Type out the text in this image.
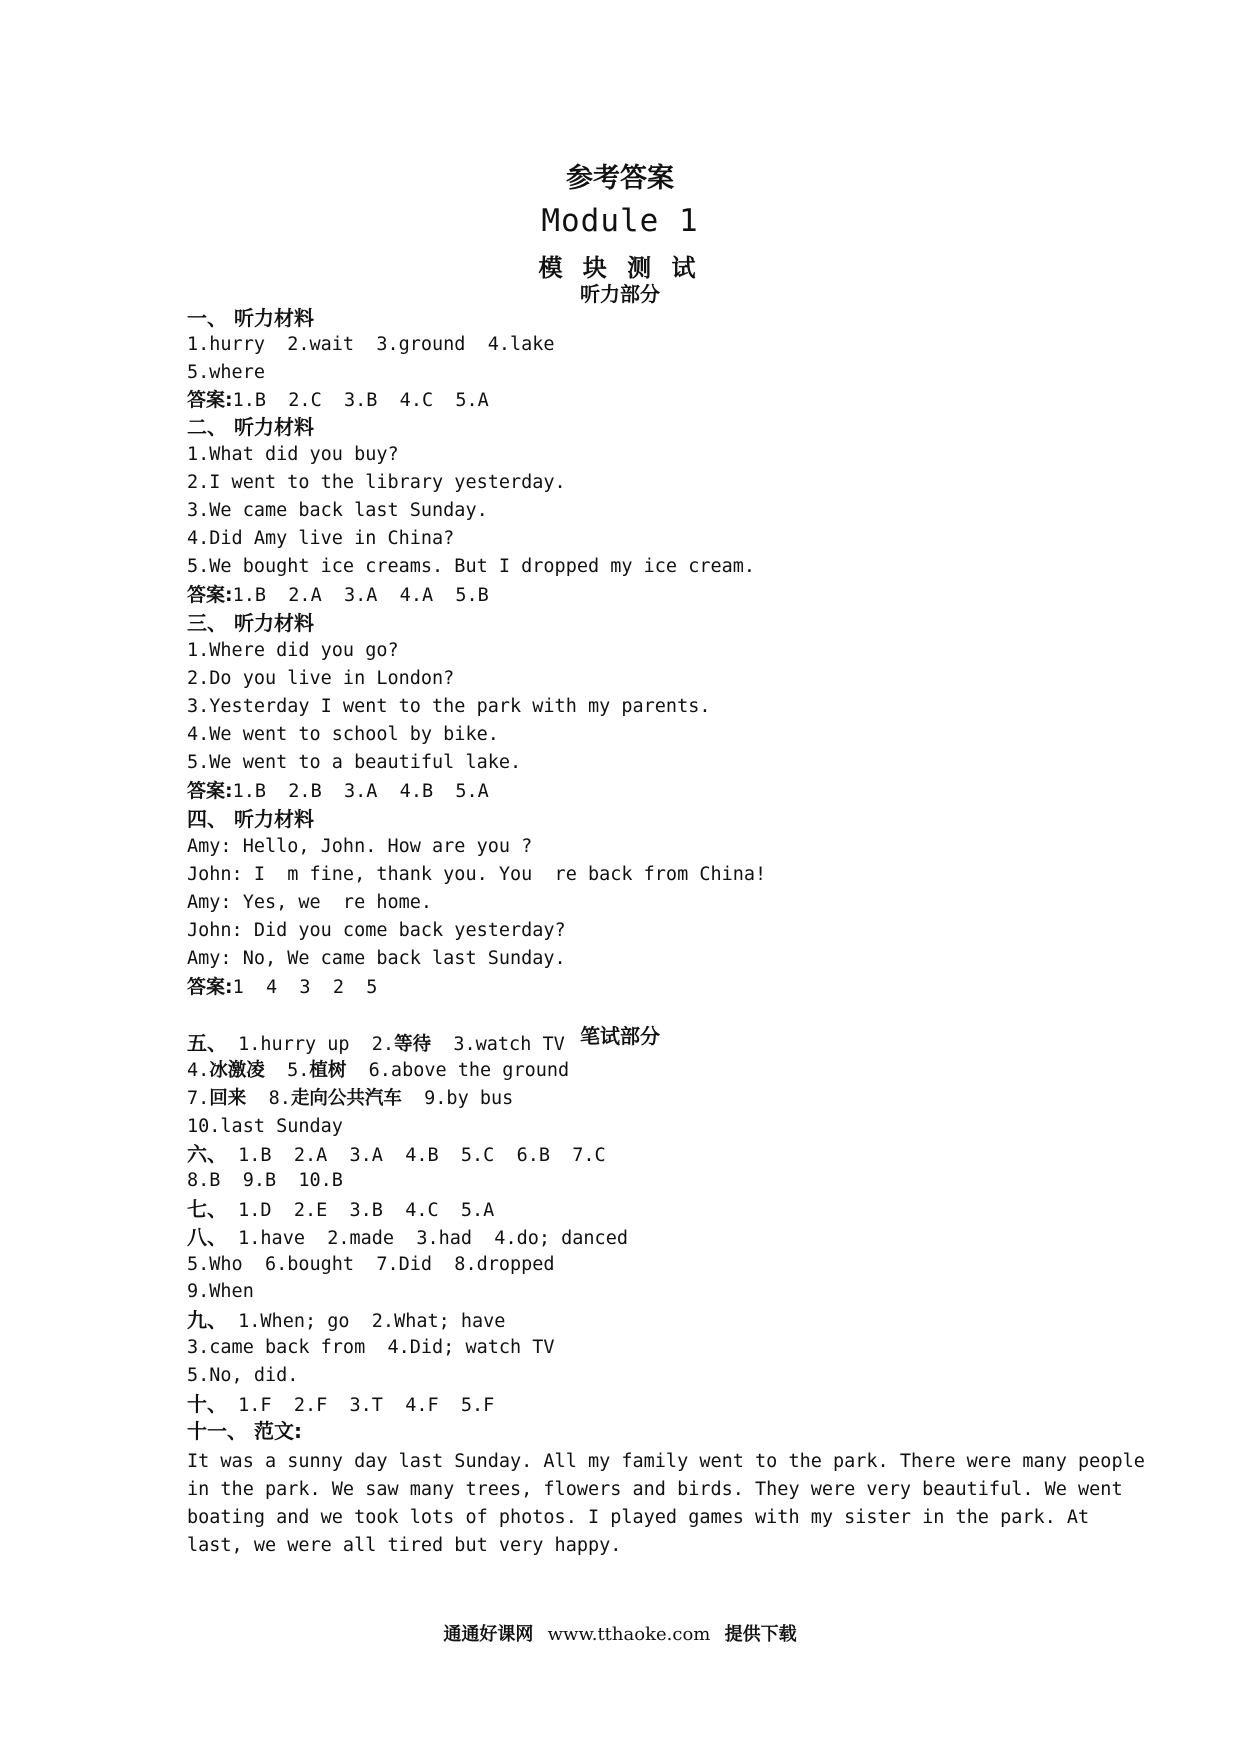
参考答案
Module 1
模 块 测 试
听力部分
一、 听力材料
1.hurry  2.wait  3.ground  4.lake
5.where
答案:1.B  2.C  3.B  4.C  5.A
二、 听力材料
1.What did you buy?
2.I went to the library yesterday.
3.We came back last Sunday.
4.Did Amy live in China?
5.We bought ice creams. But I dropped my ice cream.
答案:1.B  2.A  3.A  4.A  5.B
三、 听力材料
1.Where did you go?
2.Do you live in London?
3.Yesterday I went to the park with my parents.
4.We went to school by bike.
5.We went to a beautiful lake.
答案:1.B  2.B  3.A  4.B  5.A
四、 听力材料
Amy: Hello, John. How are you ?
John: I  m fine, thank you. You  re back from China!
Amy: Yes, we  re home.
John: Did you come back yesterday?
Amy: No, We came back last Sunday.
答案:1  4  3  2  5
笔试部分
五、 1.hurry up  2.等待  3.watch TV
4.冰激凌  5.植树  6.above the ground
7.回来  8.走向公共汽车  9.by bus
10.last Sunday
六、 1.B  2.A  3.A  4.B  5.C  6.B  7.C
8.B  9.B  10.B
七、 1.D  2.E  3.B  4.C  5.A
八、 1.have  2.made  3.had  4.do; danced
5.Who  6.bought  7.Did  8.dropped
9.When
九、 1.When; go  2.What; have
3.came back from  4.Did; watch TV
5.No, did.
十、 1.F  2.F  3.T  4.F  5.F
十一、 范文:
It was a sunny day last Sunday. All my family went to the park. There were many people
in the park. We saw many trees, flowers and birds. They were very beautiful. We went
boating and we took lots of photos. I played games with my sister in the park. At
last, we were all tired but very happy.
通通好课网 www.tthaoke.com 提供下载
